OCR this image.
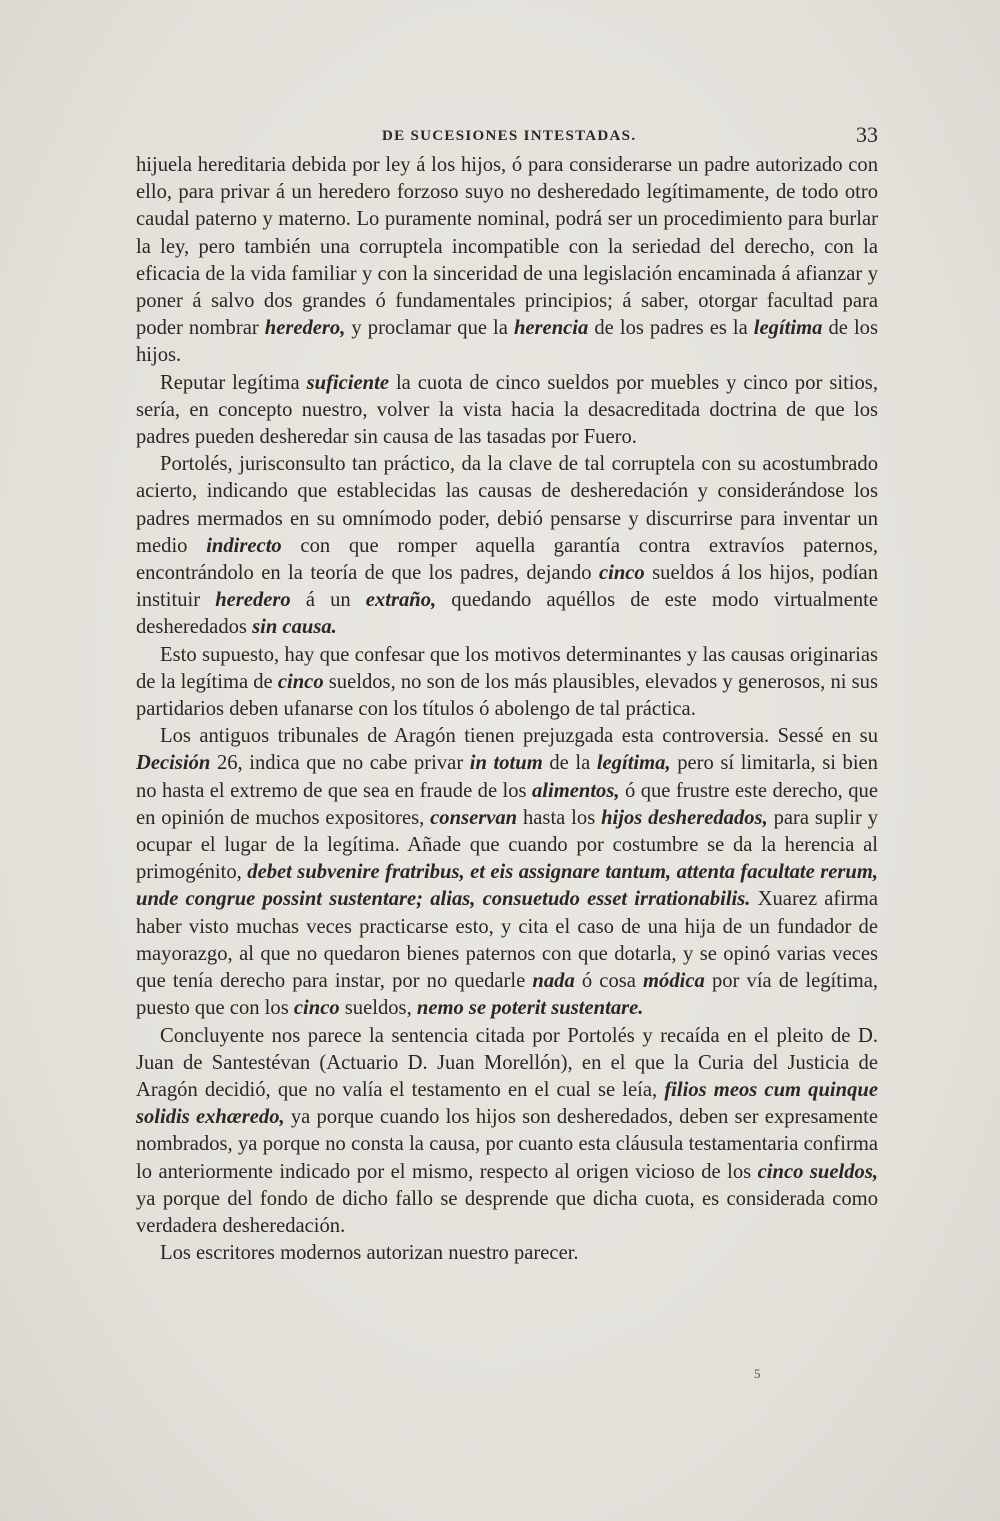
DE SUCESIONES INTESTADAS.	33

hijuela hereditaria debida por ley á los hijos, ó para considerarse un padre autorizado con ello, para privar á un heredero forzoso suyo no desheredado legítimamente, de todo otro caudal paterno y materno. Lo puramente nominal, podrá ser un procedimiento para burlar la ley, pero también una corruptela incompatible con la seriedad del derecho, con la eficacia de la vida familiar y con la sinceridad de una legislación encaminada á afianzar y poner á salvo dos grandes ó fundamentales principios; á saber, otorgar facultad para poder nombrar heredero, y proclamar que la herencia de los padres es la legítima de los hijos.

Reputar legítima suficiente la cuota de cinco sueldos por muebles y cinco por sitios, sería, en concepto nuestro, volver la vista hacia la desacreditada doctrina de que los padres pueden desheredar sin causa de las tasadas por Fuero.

Portolés, jurisconsulto tan práctico, da la clave de tal corruptela con su acostumbrado acierto, indicando que establecidas las causas de desheredación y considerándose los padres mermados en su omnímodo poder, debió pensarse y discurrirse para inventar un medio indirecto con que romper aquella garantía contra extravíos paternos, encontrándolo en la teoría de que los padres, dejando cinco sueldos á los hijos, podían instituir heredero á un extraño, quedando aquéllos de este modo virtualmente desheredados sin causa.

Esto supuesto, hay que confesar que los motivos determinantes y las causas originarias de la legítima de cinco sueldos, no son de los más plausibles, elevados y generosos, ni sus partidarios deben ufanarse con los títulos ó abolengo de tal práctica.

Los antiguos tribunales de Aragón tienen prejuzgada esta controversia. Sessé en su Decisión 26, indica que no cabe privar in totum de la legítima, pero sí limitarla, si bien no hasta el extremo de que sea en fraude de los alimentos, ó que frustre este derecho, que en opinión de muchos expositores, conservan hasta los hijos desheredados, para suplir y ocupar el lugar de la legítima. Añade que cuando por costumbre se da la herencia al primogénito, debet subvenire fratribus, et eis assignare tantum, attenta facultate rerum, unde congrue possint sustentare; alias, consuetudo esset irrationabilis. Xuarez afirma haber visto muchas veces practicarse esto, y cita el caso de una hija de un fundador de mayorazgo, al que no quedaron bienes paternos con que dotarla, y se opinó varias veces que tenía derecho para instar, por no quedarle nada ó cosa módica por vía de legítima, puesto que con los cinco sueldos, nemo se poterit sustentare.

Concluyente nos parece la sentencia citada por Portolés y recaída en el pleito de D. Juan de Santestévan (Actuario D. Juan Morellón), en el que la Curia del Justicia de Aragón decidió, que no valía el testamento en el cual se leía, filios meos cum quinque solidis exhæredo, ya porque cuando los hijos son desheredados, deben ser expresamente nombrados, ya porque no consta la causa, por cuanto esta cláusula testamentaria confirma lo anteriormente indicado por el mismo, respecto al origen vicioso de los cinco sueldos, ya porque del fondo de dicho fallo se desprende que dicha cuota, es considerada como verdadera desheredación.

Los escritores modernos autorizan nuestro parecer.

5
